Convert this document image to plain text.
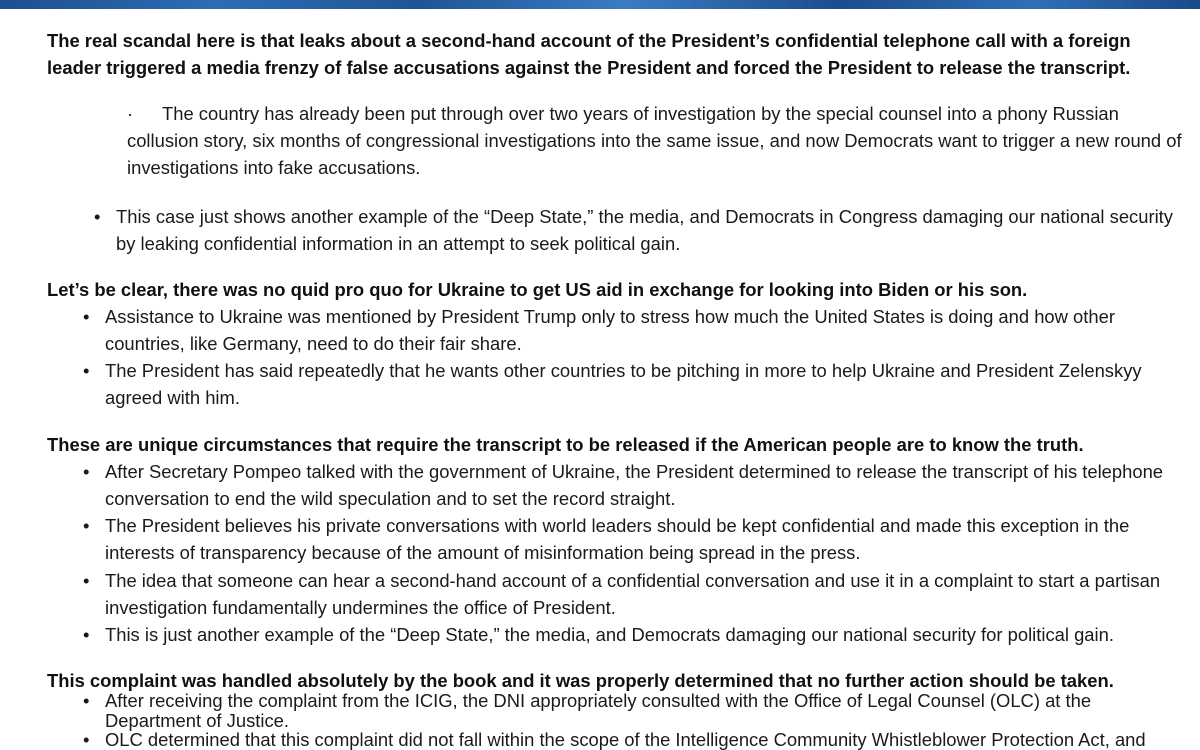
The real scandal here is that leaks about a second-hand account of the President’s confidential telephone call with a foreign leader triggered a media frenzy of false accusations against the President and forced the President to release the transcript.
·	The country has already been put through over two years of investigation by the special counsel into a phony Russian collusion story, six months of congressional investigations into the same issue, and now Democrats want to trigger a new round of investigations into fake accusations.
• This case just shows another example of the “Deep State,” the media, and Democrats in Congress damaging our national security by leaking confidential information in an attempt to seek political gain.
Let’s be clear, there was no quid pro quo for Ukraine to get US aid in exchange for looking into Biden or his son.
• Assistance to Ukraine was mentioned by President Trump only to stress how much the United States is doing and how other countries, like Germany, need to do their fair share.
• The President has said repeatedly that he wants other countries to be pitching in more to help Ukraine and President Zelenskyy agreed with him.
These are unique circumstances that require the transcript to be released if the American people are to know the truth.
• After Secretary Pompeo talked with the government of Ukraine, the President determined to release the transcript of his telephone conversation to end the wild speculation and to set the record straight.
• The President believes his private conversations with world leaders should be kept confidential and made this exception in the interests of transparency because of the amount of misinformation being spread in the press.
• The idea that someone can hear a second-hand account of a confidential conversation and use it in a complaint to start a partisan investigation fundamentally undermines the office of President.
• This is just another example of the “Deep State,” the media, and Democrats damaging our national security for political gain.
This complaint was handled absolutely by the book and it was properly determined that no further action should be taken.
• After receiving the complaint from the ICIG, the DNI appropriately consulted with the Office of Legal Counsel (OLC) at the Department of Justice.
• OLC determined that this complaint did not fall within the scope of the Intelligence Community Whistleblower Protection Act, and
